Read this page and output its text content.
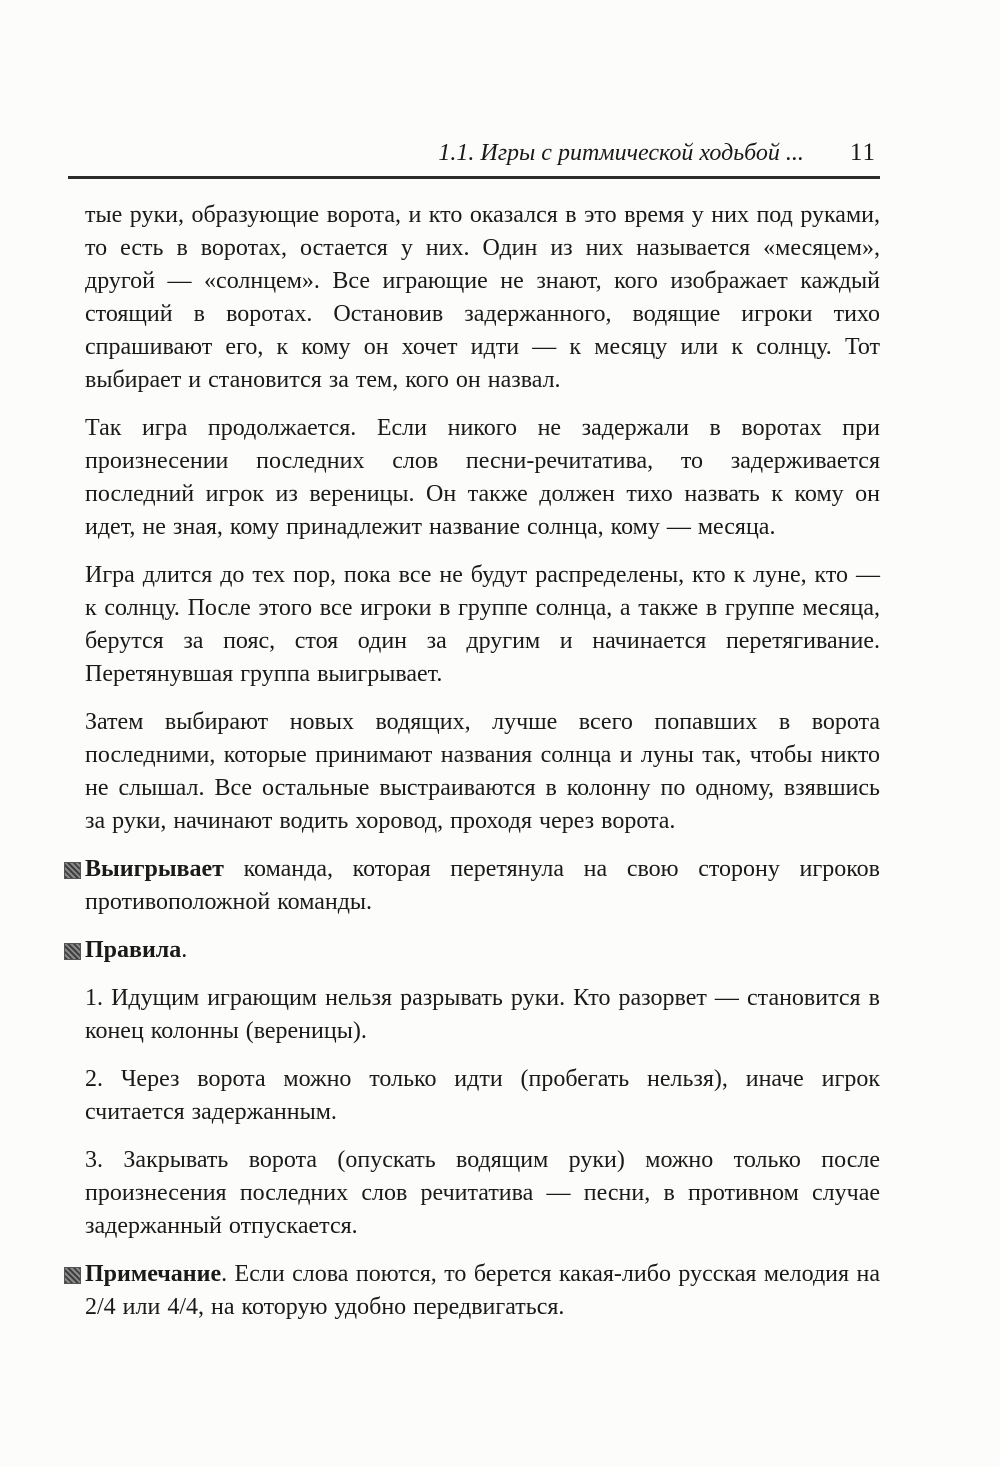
1.1. Игры с ритмической ходьбой ... 11

тые руки, образующие ворота, и кто оказался в это время у них под руками, то есть в воротах, остается у них. Один из них называется «месяцем», другой — «солнцем». Все играющие не знают, кого изображает каждый стоящий в воротах. Остановив задержанного, водящие игроки тихо спрашивают его, к кому он хочет идти — к месяцу или к солнцу. Тот выбирает и становится за тем, кого он назвал.

Так игра продолжается. Если никого не задержали в воротах при произнесении последних слов песни-речитатива, то задерживается последний игрок из вереницы. Он также должен тихо назвать к кому он идет, не зная, кому принадлежит название солнца, кому — месяца.

Игра длится до тех пор, пока все не будут распределены, кто к луне, кто — к солнцу. После этого все игроки в группе солнца, а также в группе месяца, берутся за пояс, стоя один за другим и начинается перетягивание. Перетянувшая группа выигрывает.

Затем выбирают новых водящих, лучше всего попавших в ворота последними, которые принимают названия солнца и луны так, чтобы никто не слышал. Все остальные выстраиваются в колонну по одному, взявшись за руки, начинают водить хоровод, проходя через ворота.

Выигрывает команда, которая перетянула на свою сторону игроков противоположной команды.

Правила.

1. Идущим играющим нельзя разрывать руки. Кто разорвет — становится в конец колонны (вереницы).

2. Через ворота можно только идти (пробегать нельзя), иначе игрок считается задержанным.

3. Закрывать ворота (опускать водящим руки) можно только после произнесения последних слов речитатива — песни, в противном случае задержанный отпускается.

Примечание. Если слова поются, то берется какая-либо русская мелодия на 2/4 или 4/4, на которую удобно передвигаться.
